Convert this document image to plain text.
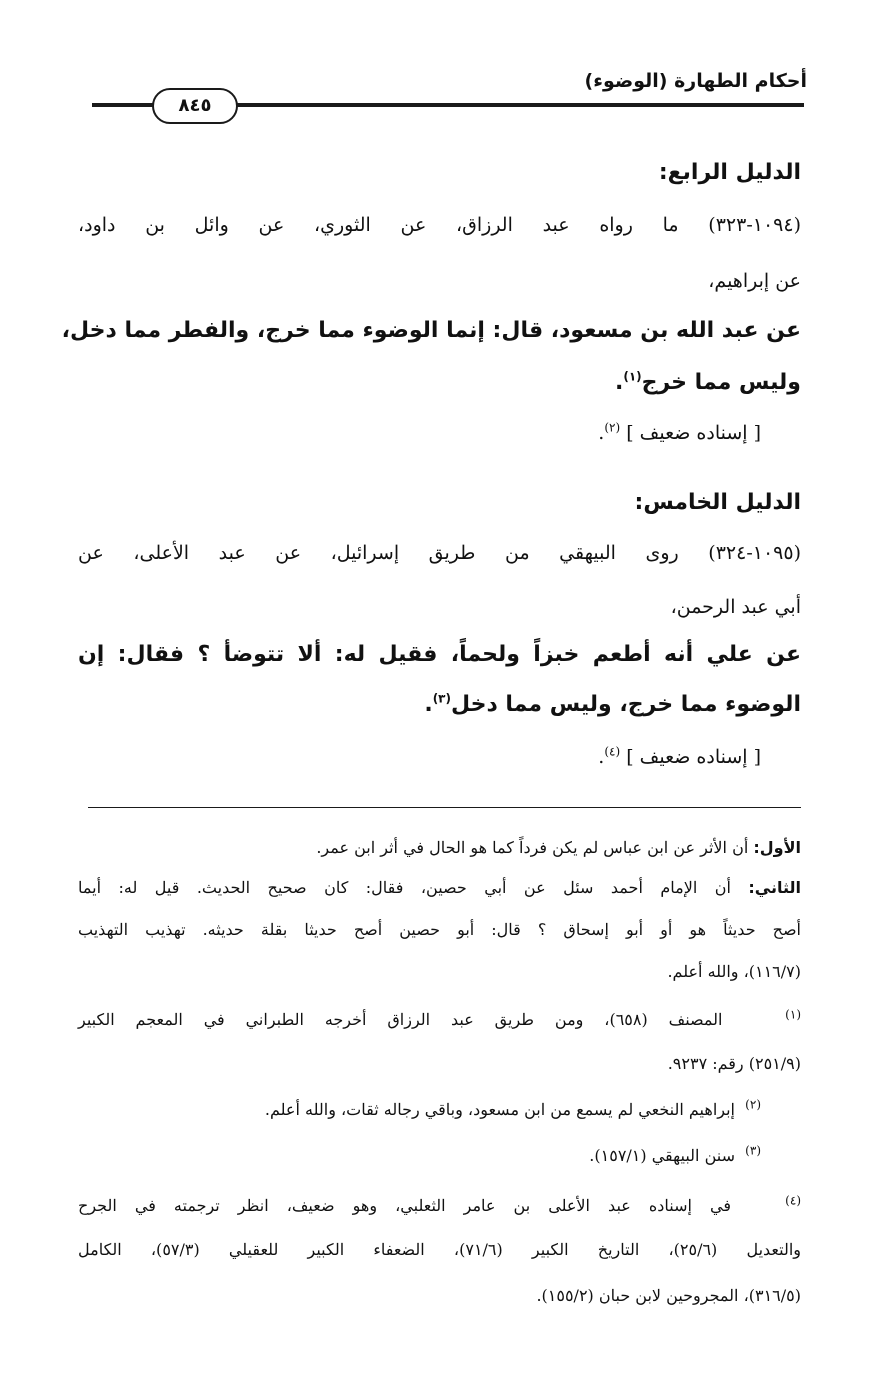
أحكام الطهارة (الوضوء)
٨٤٥

الدليل الرابع:

(١٠٩٤-٣٢٣) ما رواه عبد الرزاق، عن الثوري، عن وائل بن داود،

عن إبراهيم،

عن عبد الله بن مسعود، قال: إنما الوضوء مما خرج، والفطر مما دخل،

وليس مما خرج$^{(١)}$.

[ إسناده ضعيف ] $^{(٢)}$.

الدليل الخامس:

(١٠٩٥-٣٢٤) روى البيهقي من طريق إسرائيل، عن عبد الأعلى، عن

أبي عبد الرحمن،

عن علي أنه أطعم خبزاً ولحماً، فقيل له: ألا تتوضأ ؟ فقال: إن

الوضوء مما خرج، وليس مما دخل$^{(٣)}$.

[ إسناده ضعيف ] $^{(٤)}$.

الأول: أن الأثر عن ابن عباس لم يكن فرداً كما هو الحال في أثر ابن عمر.

الثاني: أن الإمام أحمد سئل عن أبي حصين، فقال: كان صحيح الحديث. قيل له: أيما

أصح حديثاً هو أو أبو إسحاق ؟ قال: أبو حصين أصح حديثا بقلة حديثه. تهذيب التهذيب

(١١٦/٧)، والله أعلم.

$^{(١)}$   المصنف (٦٥٨)، ومن طريق عبد الرزاق أخرجه الطبراني في المعجم الكبير

(٢٥١/٩) رقم: ٩٢٣٧.

$^{(٢)}$  إبراهيم النخعي لم يسمع من ابن مسعود، وباقي رجاله ثقات، والله أعلم.

$^{(٣)}$  سنن البيهقي (١٥٧/١).

$^{(٤)}$   في إسناده عبد الأعلى بن عامر الثعلبي، وهو ضعيف، انظر ترجمته في الجرح

والتعديل (٢٥/٦)، التاريخ الكبير (٧١/٦)، الضعفاء الكبير للعقيلي (٥٧/٣)، الكامل

(٣١٦/٥)، المجروحين لابن حبان (١٥٥/٢).
